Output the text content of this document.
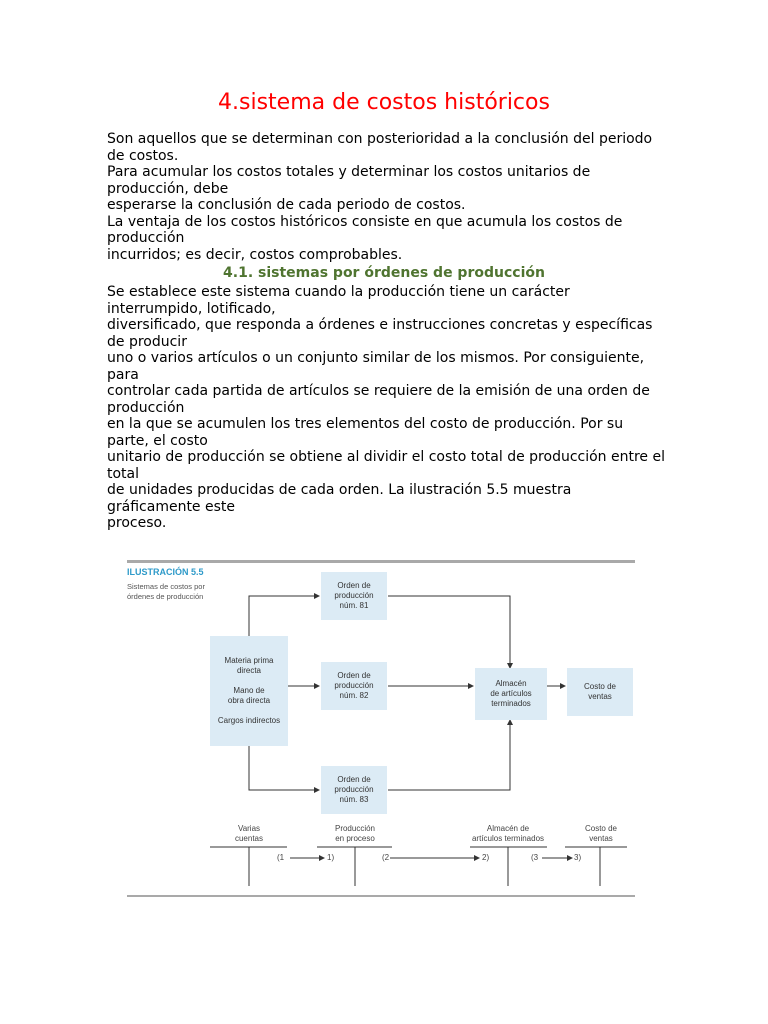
4.sistema de costos históricos
Son aquellos que se determinan con posterioridad a la conclusión del periodo
de costos.
Para acumular los costos totales y determinar los costos unitarios de
producción, debe
esperarse la conclusión de cada periodo de costos.
La ventaja de los costos históricos consiste en que acumula los costos de
producción
incurridos; es decir, costos comprobables.
4.1. sistemas por órdenes de producción
Se establece este sistema cuando la producción tiene un carácter
interrumpido, lotificado,
diversificado, que responda a órdenes e instrucciones concretas y específicas
de producir
uno o varios artículos o un conjunto similar de los mismos. Por consiguiente,
para
controlar cada partida de artículos se requiere de la emisión de una orden de
producción
en la que se acumulen los tres elementos del costo de producción. Por su
parte, el costo
unitario de producción se obtiene al dividir el costo total de producción entre el
total
de unidades producidas de cada orden. La ilustración 5.5 muestra
gráficamente este
proceso.
ILUSTRACIÓN 5.5
Sistemas de costos por
órdenes de producción
Materia prima
directa
Mano de
obra directa
Cargos indirectos
Orden de
producción
núm. 81
Orden de
producción
núm. 82
Orden de
producción
núm. 83
Almacén
de artículos
terminados
Costo de
ventas
Varias
cuentas
Producción
en proceso
Almacén de
artículos terminados
Costo de
ventas
(1	1)	(2	2)	(3	3)
